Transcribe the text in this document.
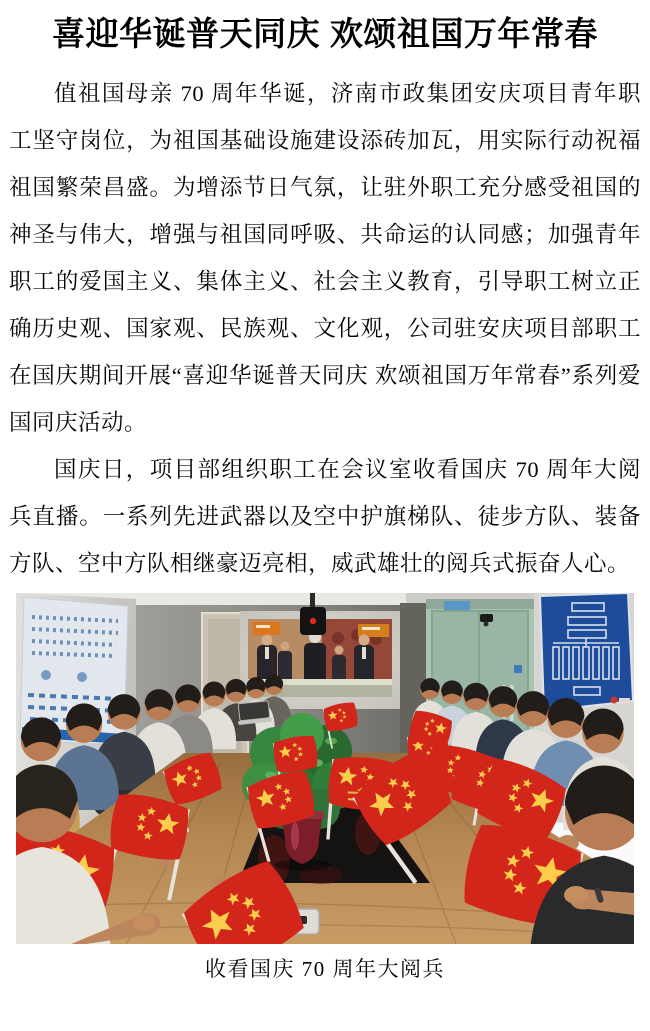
喜迎华诞普天同庆 欢颂祖国万年常春

值祖国母亲 70 周年华诞，济南市政集团安庆项目青年职工坚守岗位，为祖国基础设施建设添砖加瓦，用实际行动祝福祖国繁荣昌盛。为增添节日气氛，让驻外职工充分感受祖国的神圣与伟大，增强与祖国同呼吸、共命运的认同感；加强青年职工的爱国主义、集体主义、社会主义教育，引导职工树立正确历史观、国家观、民族观、文化观，公司驻安庆项目部职工在国庆期间开展“喜迎华诞普天同庆 欢颂祖国万年常春”系列爱国同庆活动。

国庆日，项目部组织职工在会议室收看国庆 70 周年大阅兵直播。一系列先进武器以及空中护旗梯队、徒步方队、装备方队、空中方队相继豪迈亮相，威武雄壮的阅兵式振奋人心。

收看国庆 70 周年大阅兵
